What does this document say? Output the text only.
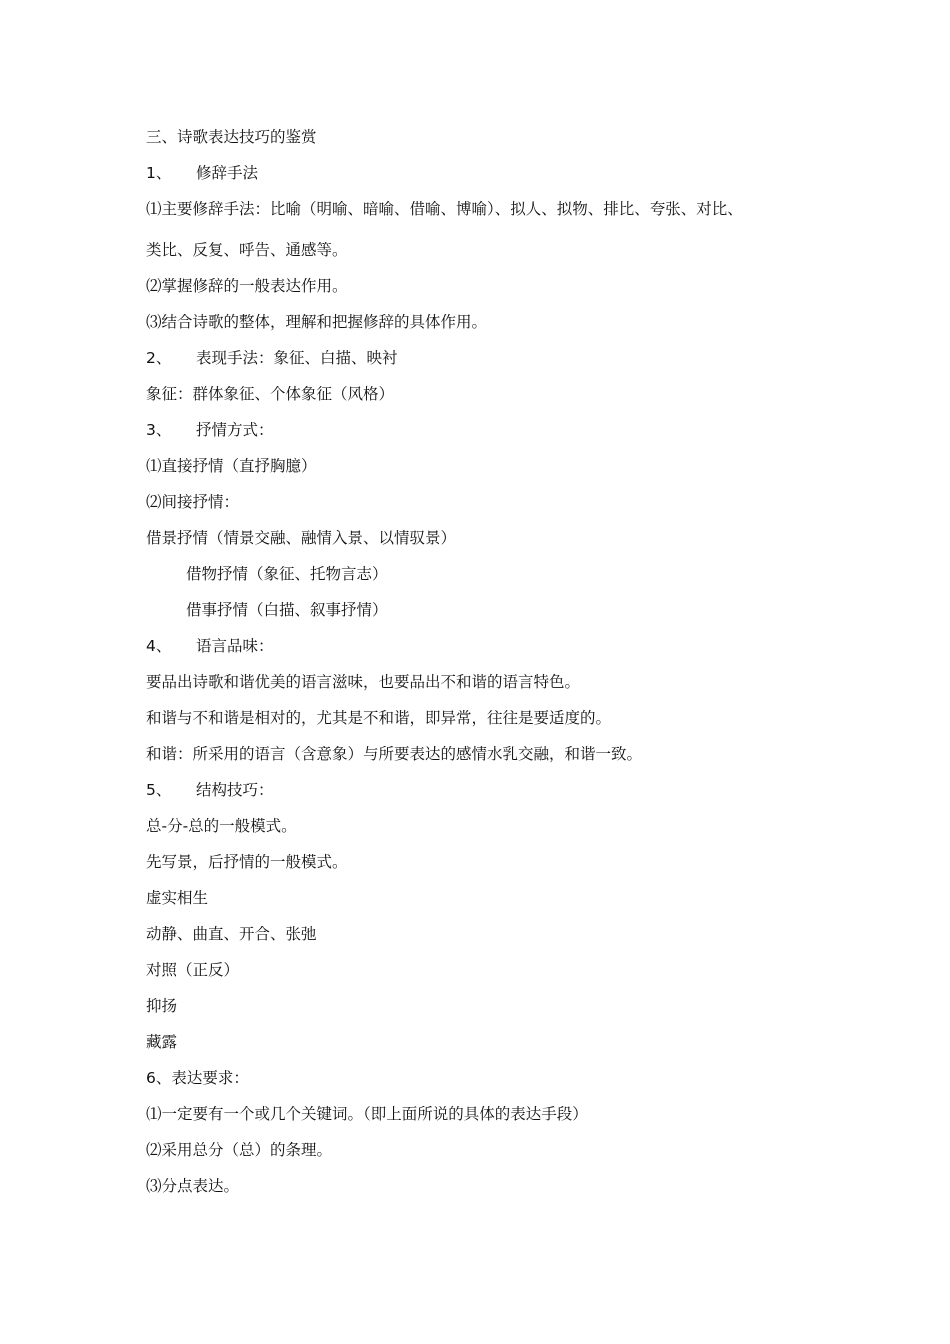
三、诗歌表达技巧的鉴赏
1、 修辞手法
⑴主要修辞手法：比喻（明喻、暗喻、借喻、博喻）、拟人、拟物、排比、夸张、对比、
类比、反复、呼告、通感等。
⑵掌握修辞的一般表达作用。
⑶结合诗歌的整体，理解和把握修辞的具体作用。
2、 表现手法：象征、白描、映衬
象征：群体象征、个体象征（风格）
3、 抒情方式：
⑴直接抒情（直抒胸臆）
⑵间接抒情：
借景抒情（情景交融、融情入景、以情驭景）
借物抒情（象征、托物言志）
借事抒情（白描、叙事抒情）
4、 语言品味：
要品出诗歌和谐优美的语言滋味，也要品出不和谐的语言特色。
和谐与不和谐是相对的，尤其是不和谐，即异常，往往是要适度的。
和谐：所采用的语言（含意象）与所要表达的感情水乳交融，和谐一致。
5、 结构技巧：
总-分-总的一般模式。
先写景，后抒情的一般模式。
虚实相生
动静、曲直、开合、张弛
对照（正反）
抑扬
藏露
6、表达要求：
⑴一定要有一个或几个关键词。（即上面所说的具体的表达手段）
⑵采用总分（总）的条理。
⑶分点表达。
